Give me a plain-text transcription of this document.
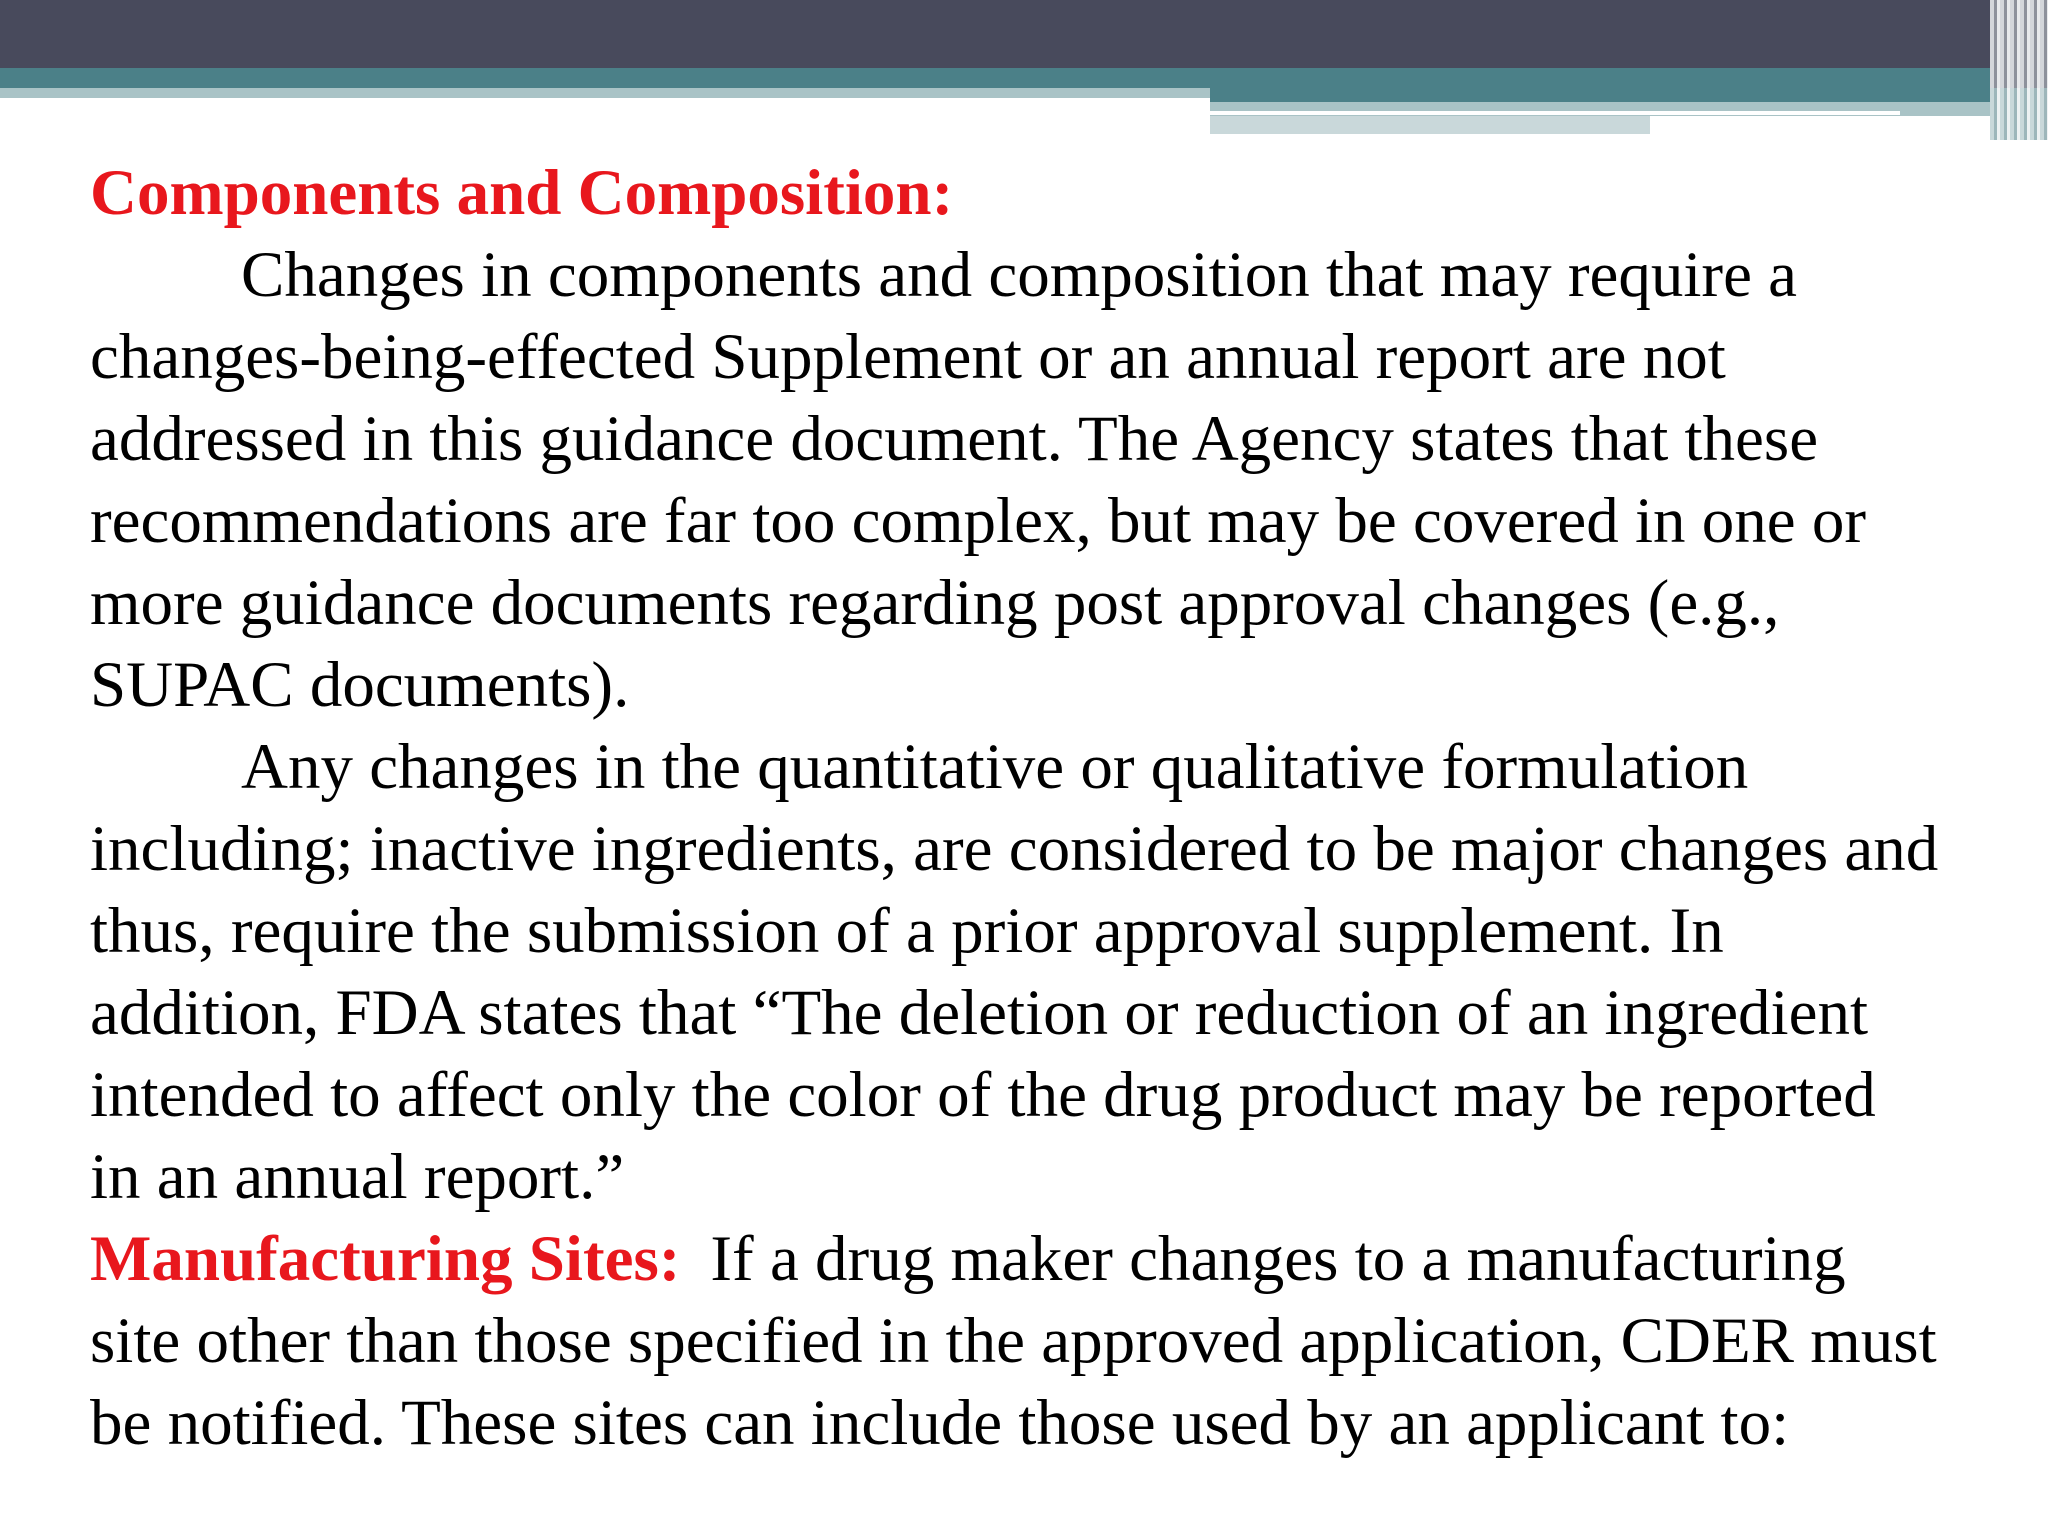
Components and Composition:
Changes in components and composition that may require a
changes-being-effected Supplement or an annual report are not
addressed in this guidance document. The Agency states that these
recommendations are far too complex, but may be covered in one or
more guidance documents regarding post approval changes (e.g.,
SUPAC documents).
Any changes in the quantitative or qualitative formulation
including; inactive ingredients, are considered to be major changes and
thus, require the submission of a prior approval supplement. In
addition, FDA states that “The deletion or reduction of an ingredient
intended to affect only the color of the drug product may be reported
in an annual report.”
Manufacturing Sites: If a drug maker changes to a manufacturing
site other than those specified in the approved application, CDER must
be notified. These sites can include those used by an applicant to:
